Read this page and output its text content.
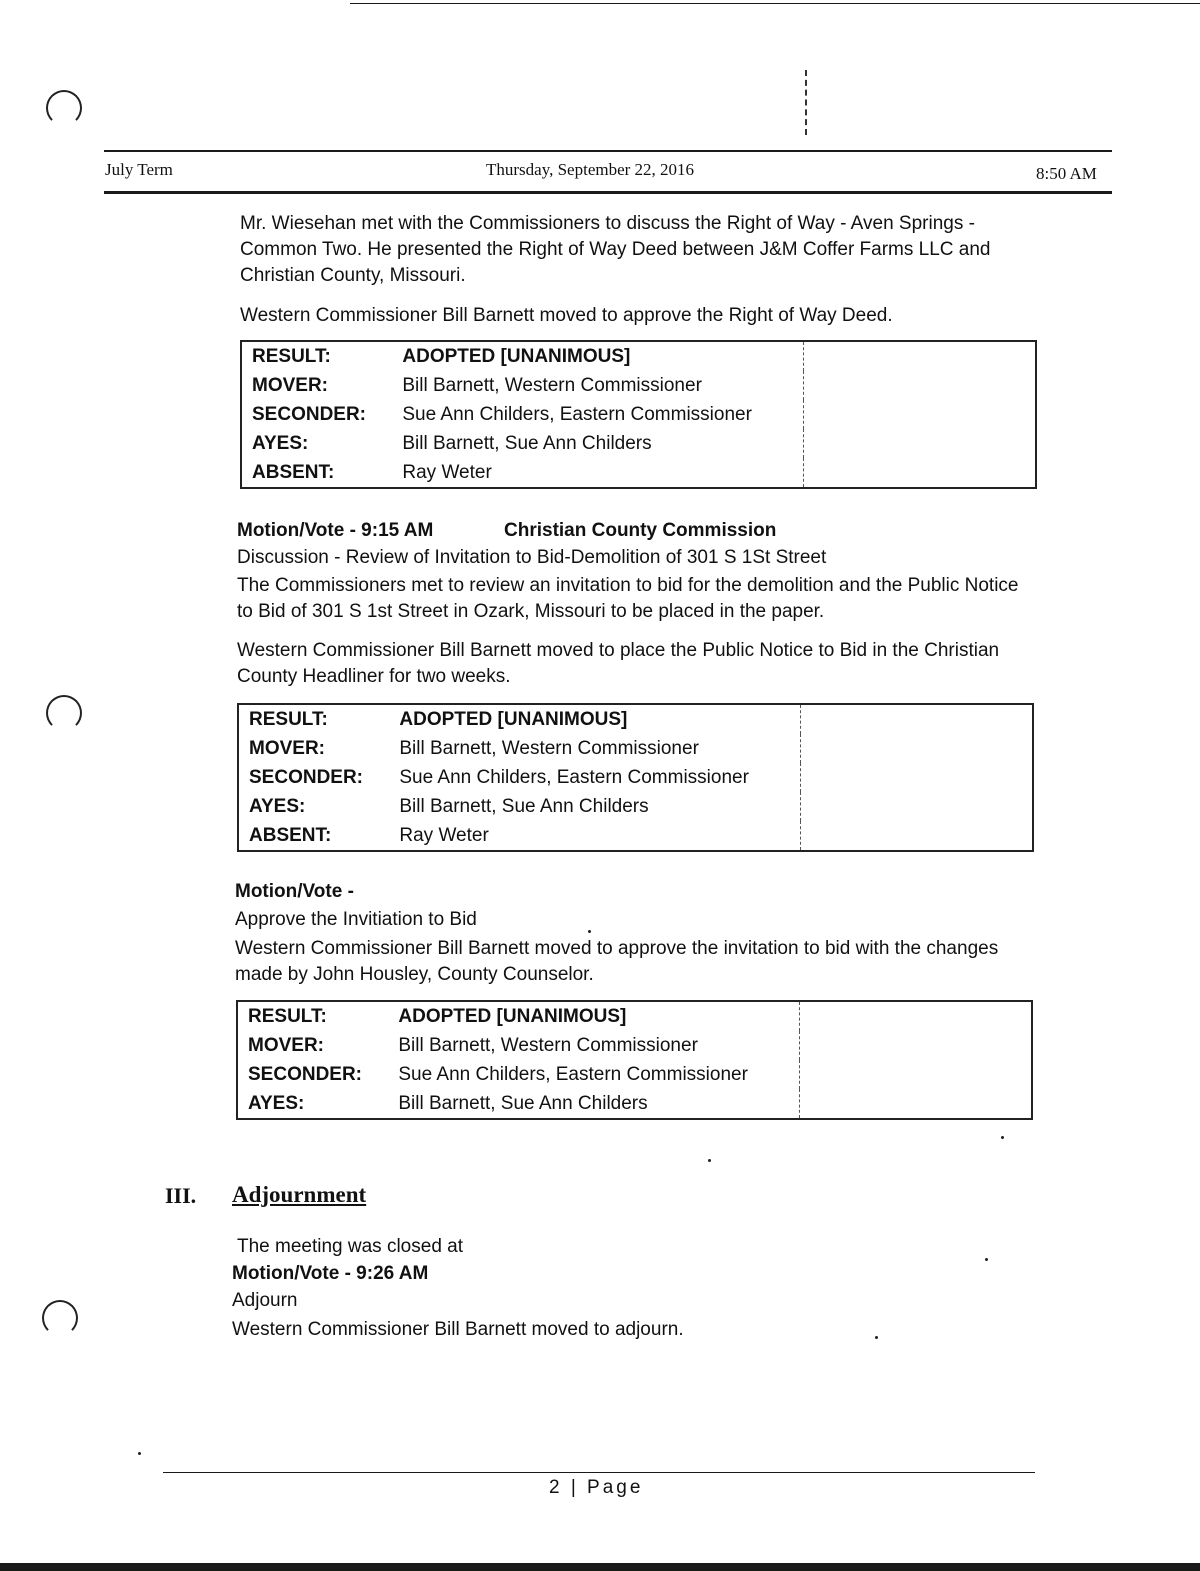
July Term	Thursday, September 22, 2016	8:50 AM
Mr. Wiesehan met with the Commissioners to discuss the Right of Way - Aven Springs - Common Two. He presented the Right of Way Deed between J&M Coffer Farms LLC and Christian County, Missouri.
Western Commissioner Bill Barnett moved to approve the Right of Way Deed.
RESULT:	ADOPTED [UNANIMOUS]	
MOVER:	Bill Barnett, Western Commissioner	
SECONDER:	Sue Ann Childers, Eastern Commissioner	
AYES:	Bill Barnett, Sue Ann Childers	
ABSENT:	Ray Weter	
Motion/Vote - 9:15 AM	Christian County Commission
Discussion - Review of Invitation to Bid-Demolition of 301 S 1St Street
The Commissioners met to review an invitation to bid for the demolition and the Public Notice to Bid of 301 S 1st Street in Ozark, Missouri to be placed in the paper.
Western Commissioner Bill Barnett moved to place the Public Notice to Bid in the Christian County Headliner for two weeks.
RESULT:	ADOPTED [UNANIMOUS]	
MOVER:	Bill Barnett, Western Commissioner	
SECONDER:	Sue Ann Childers, Eastern Commissioner	
AYES:	Bill Barnett, Sue Ann Childers	
ABSENT:	Ray Weter	
Motion/Vote -
Approve the Invitiation to Bid
Western Commissioner Bill Barnett moved to approve the invitation to bid with the changes made by John Housley, County Counselor.
RESULT:	ADOPTED [UNANIMOUS]	
MOVER:	Bill Barnett, Western Commissioner	
SECONDER:	Sue Ann Childers, Eastern Commissioner	
AYES:	Bill Barnett, Sue Ann Childers	
III. Adjournment
The meeting was closed at
Motion/Vote - 9:26 AM
Adjourn
Western Commissioner Bill Barnett moved to adjourn.
2 | Page
